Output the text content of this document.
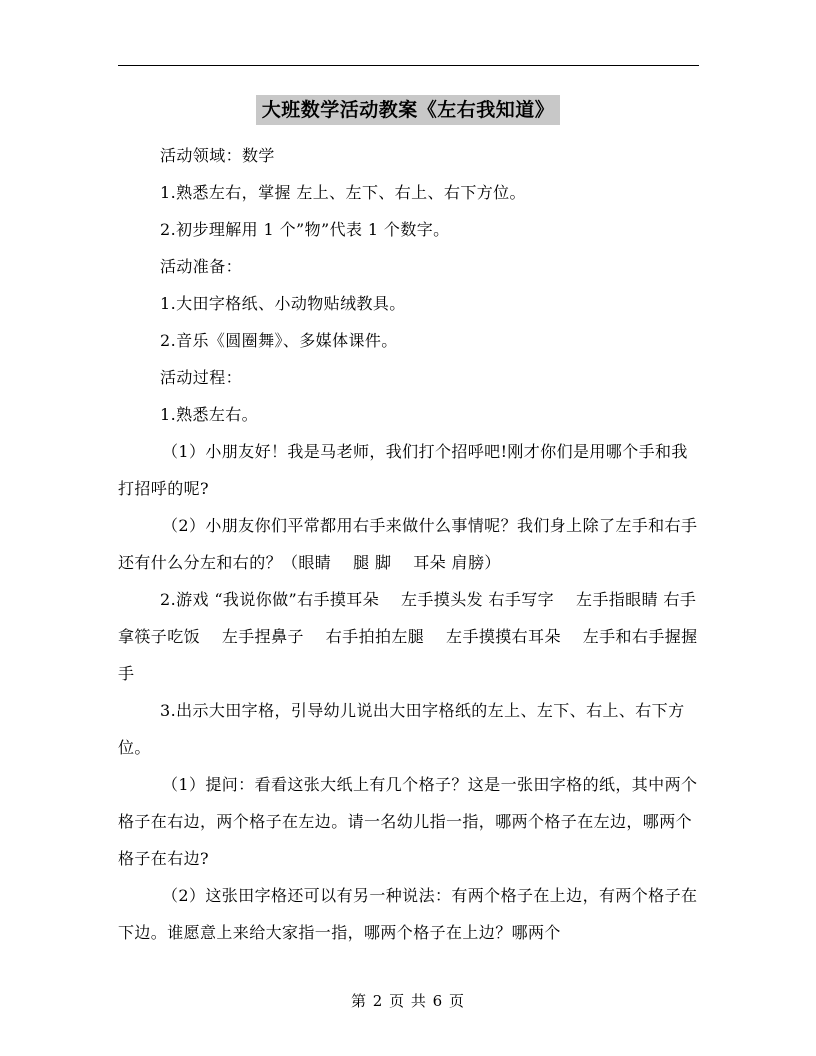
大班数学活动教案《左右我知道》

活动领域：数学

1.熟悉左右，掌握 左上、左下、右上、右下方位。

2.初步理解用 1 个”物”代表 1 个数字。

活动准备：

1.大田字格纸、小动物贴绒教具。

2.音乐《圆圈舞》、多媒体课件。

活动过程：

1.熟悉左右。

（1）小朋友好！我是马老师，我们打个招呼吧!刚才你们是用哪个手和我打招呼的呢?

（2）小朋友你们平常都用右手来做什么事情呢？我们身上除了左手和右手还有什么分左和右的？（眼睛　 腿 脚　 耳朵 肩膀）

2.游戏 “我说你做”右手摸耳朵　 左手摸头发 右手写字　 左手指眼睛 右手拿筷子吃饭　 左手捏鼻子　 右手拍拍左腿　 左手摸摸右耳朵　 左手和右手握握手

3.出示大田字格，引导幼儿说出大田字格纸的左上、左下、右上、右下方位。

（1）提问：看看这张大纸上有几个格子？这是一张田字格的纸，其中两个格子在右边，两个格子在左边。请一名幼儿指一指，哪两个格子在左边，哪两个格子在右边?

（2）这张田字格还可以有另一种说法：有两个格子在上边，有两个格子在下边。谁愿意上来给大家指一指，哪两个格子在上边？哪两个

第 2 页 共 6 页
